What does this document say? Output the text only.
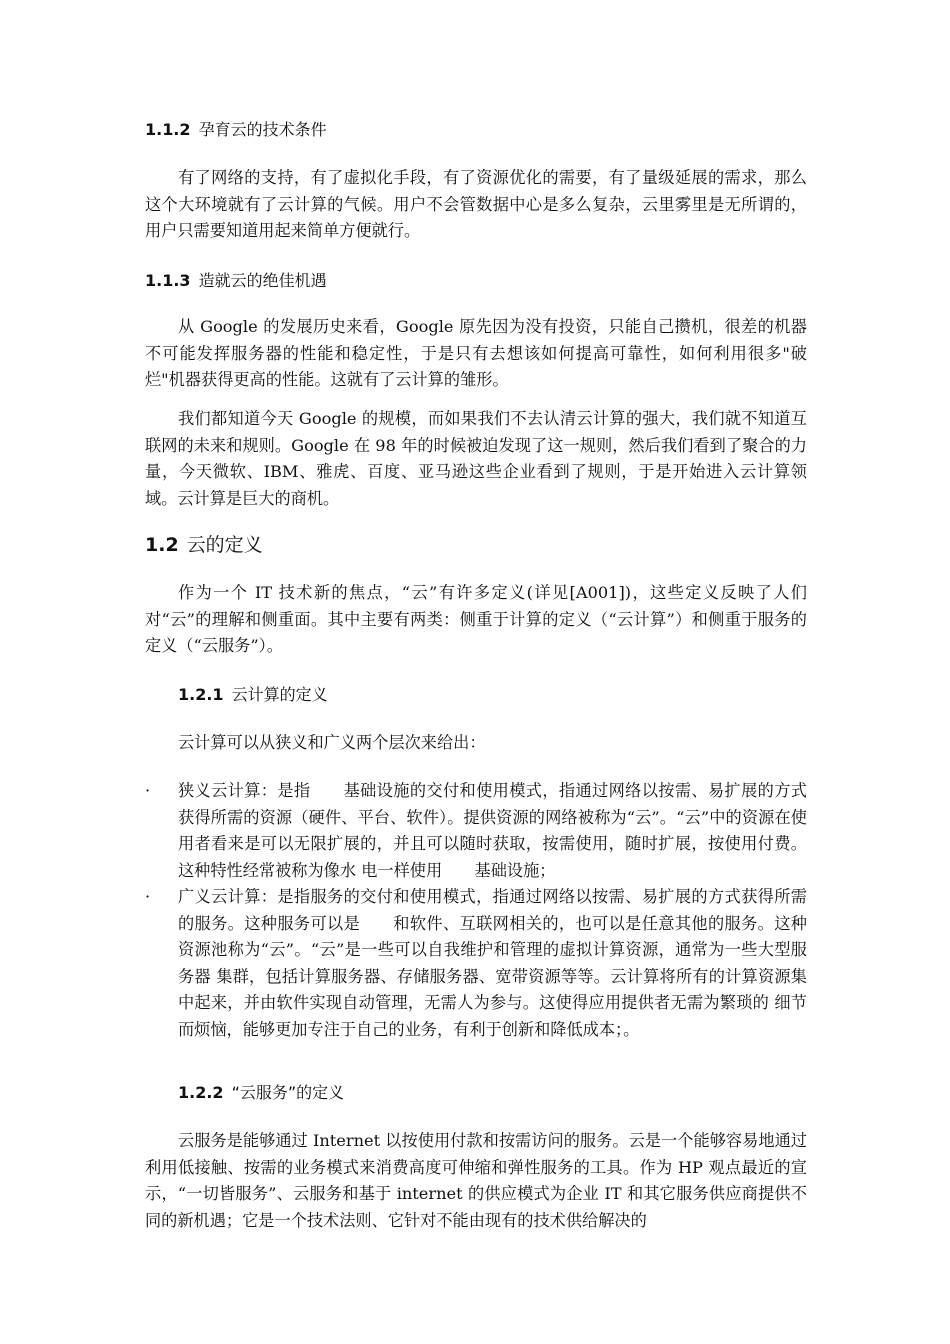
1.1.2 孕育云的技术条件

有了网络的支持，有了虚拟化手段，有了资源优化的需要，有了量级延展的需求，那么这个大环境就有了云计算的气候。用户不会管数据中心是多么复杂，云里雾里是无所谓的，用户只需要知道用起来简单方便就行。

1.1.3 造就云的绝佳机遇

从 Google 的发展历史来看，Google 原先因为没有投资，只能自己攒机，很差的机器不可能发挥服务器的性能和稳定性，于是只有去想该如何提高可靠性，如何利用很多"破烂"机器获得更高的性能。这就有了云计算的雏形。

我们都知道今天 Google 的规模，而如果我们不去认清云计算的强大，我们就不知道互联网的未来和规则。Google 在 98 年的时候被迫发现了这一规则，然后我们看到了聚合的力量，今天微软、IBM、雅虎、百度、亚马逊这些企业看到了规则，于是开始进入云计算领域。云计算是巨大的商机。

1.2 云的定义

作为一个 IT 技术新的焦点，“云”有许多定义(详见[A001])，这些定义反映了人们对“云”的理解和侧重面。其中主要有两类：侧重于计算的定义（“云计算”）和侧重于服务的定义（“云服务”）。

1.2.1 云计算的定义

云计算可以从狭义和广义两个层次来给出：

·	狭义云计算：是指　　基础设施的交付和使用模式，指通过网络以按需、易扩展的方式获得所需的资源（硬件、平台、软件）。提供资源的网络被称为“云”。“云”中的资源在使用者看来是可以无限扩展的，并且可以随时获取，按需使用，随时扩展，按使用付费。这种特性经常被称为像水 电一样使用　　基础设施；
·	广义云计算：是指服务的交付和使用模式，指通过网络以按需、易扩展的方式获得所需的服务。这种服务可以是　　和软件、互联网相关的，也可以是任意其他的服务。这种资源池称为“云”。“云”是一些可以自我维护和管理的虚拟计算资源，通常为一些大型服务器 集群，包括计算服务器、存储服务器、宽带资源等等。云计算将所有的计算资源集中起来，并由软件实现自动管理，无需人为参与。这使得应用提供者无需为繁琐的 细节而烦恼，能够更加专注于自己的业务，有利于创新和降低成本；。
1.2.2 “云服务”的定义

云服务是能够通过 Internet 以按使用付款和按需访问的服务。云是一个能够容易地通过利用低接触、按需的业务模式来消费高度可伸缩和弹性服务的工具。作为 HP 观点最近的宣示，“一切皆服务”、云服务和基于 internet 的供应模式为企业 IT 和其它服务供应商提供不同的新机遇；它是一个技术法则、它针对不能由现有的技术供给解决的
